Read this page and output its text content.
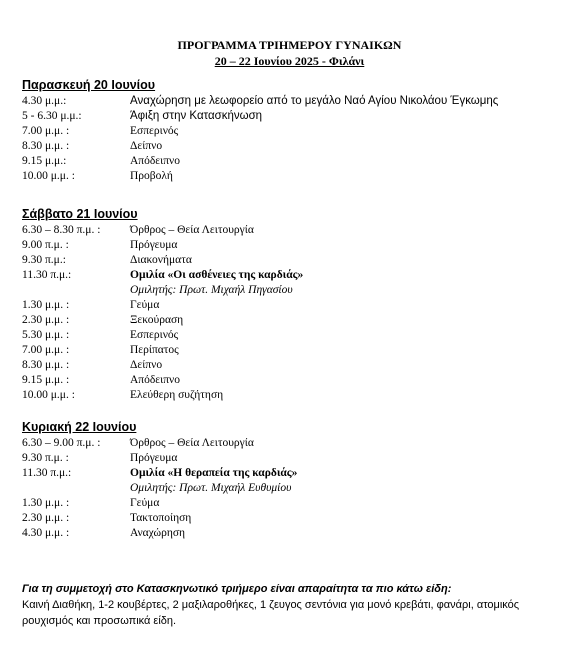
ΠΡΟΓΡΑΜΜΑ ΤΡΙΗΜΕΡΟΥ ΓΥΝΑΙΚΩΝ
20 – 22 Ιουνίου 2025 - Φιλάνι
Παρασκευή 20 Ιουνίου
4.30 μ.μ.:	Αναχώρηση με λεωφορείο από το μεγάλο Ναό Αγίου Νικολάου Έγκωμης
5 - 6.30 μ.μ.:	Άφιξη στην Κατασκήνωση
7.00 μ.μ. :	Εσπερινός
8.30 μ.μ. :	Δείπνο
9.15 μ.μ.:	Απόδειπνο
10.00 μ.μ. :	Προβολή
Σάββατο 21 Ιουνίου
6.30 – 8.30 π.μ. :	Όρθρος – Θεία Λειτουργία
9.00 π.μ. :	Πρόγευμα
9.30 π.μ.:	Διακονήματα
11.30 π.μ.:	Ομιλία «Οι ασθένειες της καρδιάς»
Ομιλητής: Πρωτ. Μιχαήλ Πηγασίου
1.30 μ.μ. :	Γεύμα
2.30 μ.μ. :	Ξεκούραση
5.30 μ.μ. :	Εσπερινός
7.00 μ.μ. :	Περίπατος
8.30 μ.μ. :	Δείπνο
9.15 μ.μ. :	Απόδειπνο
10.00 μ.μ. :	Ελεύθερη συζήτηση
Κυριακή 22 Ιουνίου
6.30 – 9.00 π.μ. :	Όρθρος – Θεία Λειτουργία
9.30 π.μ. :	Πρόγευμα
11.30 π.μ.:	Ομιλία «Η θεραπεία της καρδιάς»
Ομιλητής: Πρωτ. Μιχαήλ Ευθυμίου
1.30 μ.μ. :	Γεύμα
2.30 μ.μ. :	Τακτοποίηση
4.30 μ.μ. :	Αναχώρηση
Για τη συμμετοχή στο Κατασκηνωτικό τριήμερο είναι απαραίτητα τα πιο κάτω είδη:
Καινή Διαθήκη, 1-2 κουβέρτες, 2 μαξιλαροθήκες, 1 ζευγος σεντόνια για μονό κρεβάτι, φανάρι, ατομικός ρουχισμός και προσωπικά είδη.
